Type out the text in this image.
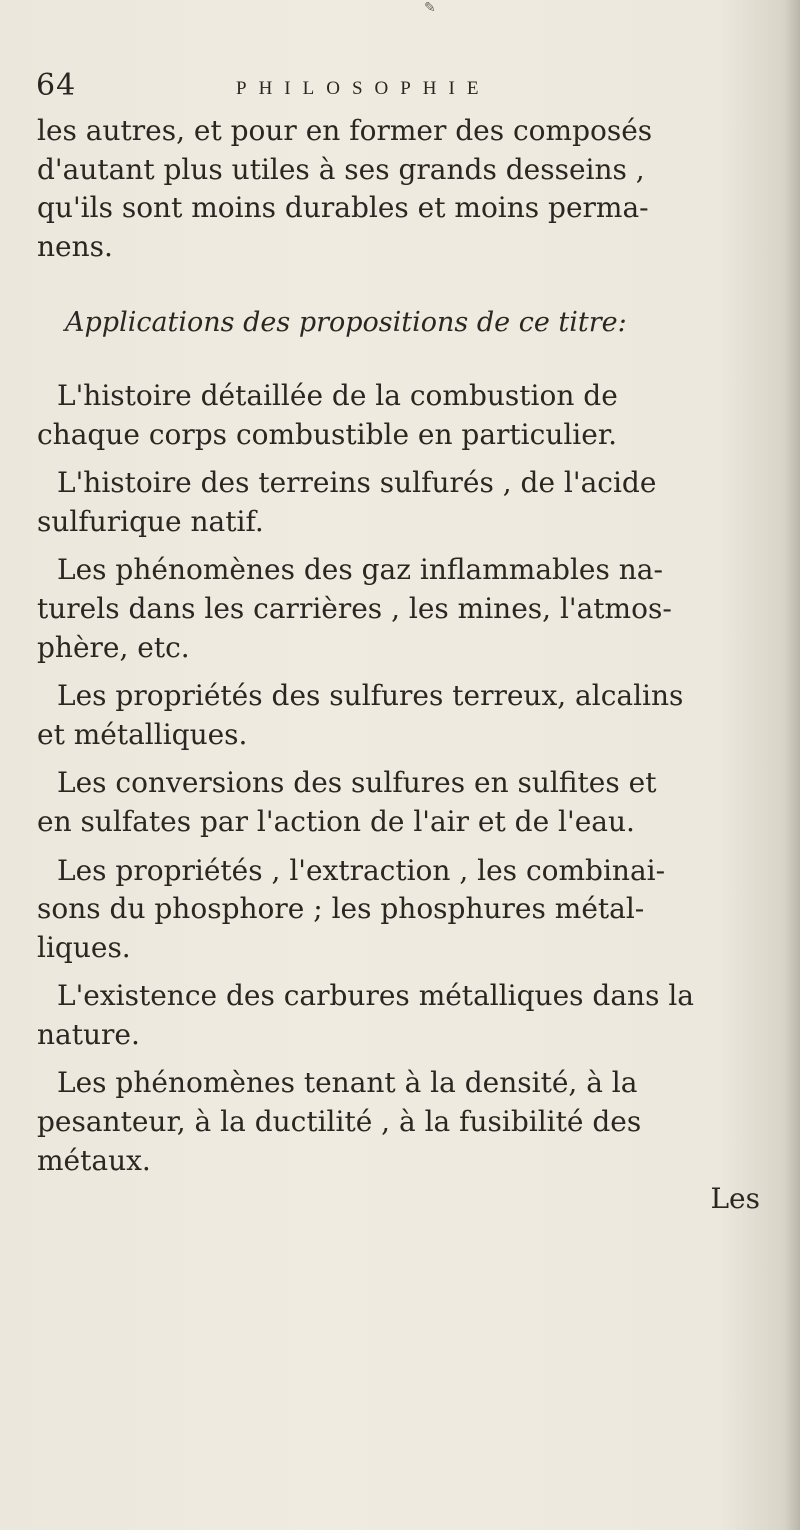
✎
64	PHILOSOPHIE
les autres, et pour en former des composés
d'autant plus utiles à ses grands desseins ,
qu'ils sont moins durables et moins perma-
nens.
Applications des propositions de ce titre:
L'histoire détaillée de la combustion de
chaque corps combustible en particulier.
L'histoire des terreins sulfurés , de l'acide
sulfurique natif.
Les phénomènes des gaz inflammables na-
turels dans les carrières , les mines, l'atmos-
phère, etc.
Les propriétés des sulfures terreux, alcalins
et métalliques.
Les conversions des sulfures en sulfites et
en sulfates par l'action de l'air et de l'eau.
Les propriétés , l'extraction , les combinai-
sons du phosphore ; les phosphures métal-
liques.
L'existence des carbures métalliques dans la
nature.
Les phénomènes tenant à la densité, à la
pesanteur, à la ductilité , à la fusibilité des
métaux.
Les
